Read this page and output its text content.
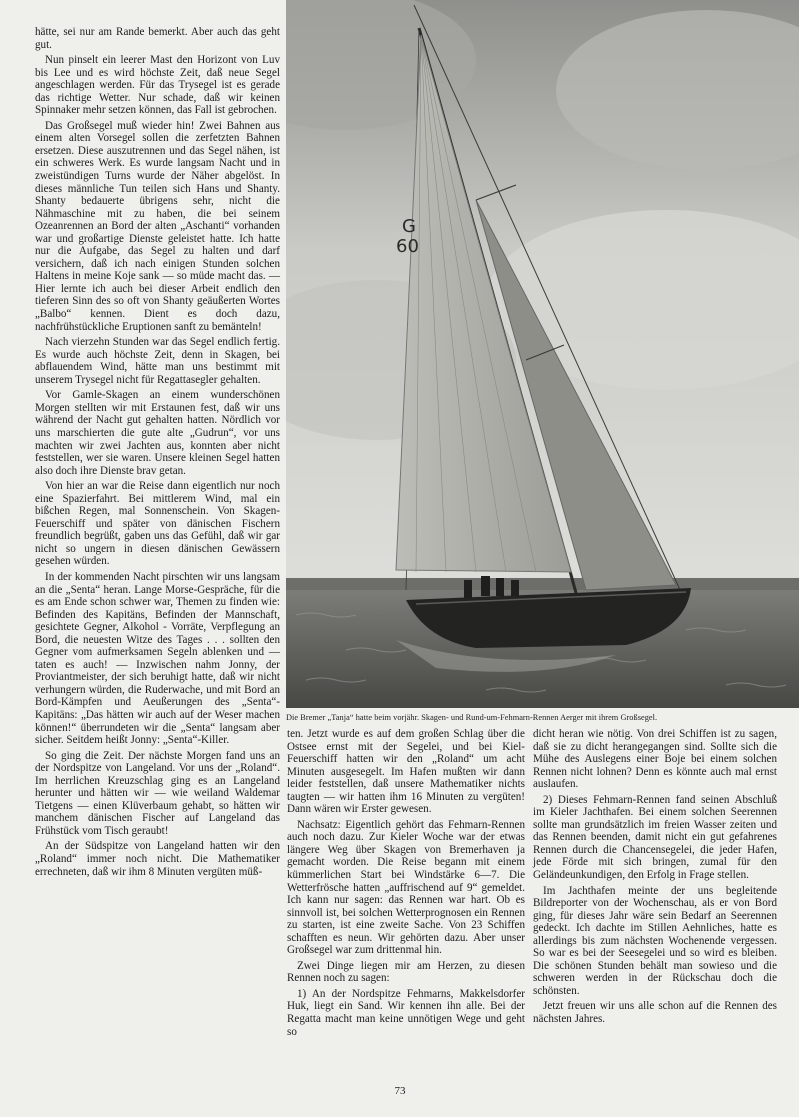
hätte, sei nur am Rande bemerkt. Aber auch das geht gut.

Nun pinselt ein leerer Mast den Horizont von Luv bis Lee und es wird höchste Zeit, daß neue Segel angeschlagen werden. Für das Trysegel ist es gerade das richtige Wetter. Nur schade, daß wir keinen Spinnaker mehr setzen können, das Fall ist gebrochen.

Das Großsegel muß wieder hin! Zwei Bahnen aus einem alten Vorsegel sollen die zerfetzten Bahnen ersetzen. Diese auszutrennen und das Segel nähen, ist ein schweres Werk. Es wurde langsam Nacht und in zweistündigen Turns wurde der Näher abgelöst. In dieses männliche Tun teilen sich Hans und Shanty. Shanty bedauerte übrigens sehr, nicht die Nähmaschine mit zu haben, die bei seinem Ozeanrennen an Bord der alten „Aschanti“ vorhanden war und großartige Dienste geleistet hatte. Ich hatte nur die Aufgabe, das Segel zu halten und darf versichern, daß ich nach einigen Stunden solchen Haltens in meine Koje sank — so müde macht das. — Hier lernte ich auch bei dieser Arbeit endlich den tieferen Sinn des so oft von Shanty geäußerten Wortes „Balbo“ kennen. Dient es doch dazu, nachfrühstückliche Eruptionen sanft zu bemänteln!

Nach vierzehn Stunden war das Segel endlich fertig. Es wurde auch höchste Zeit, denn in Skagen, bei abflauendem Wind, hätte man uns bestimmt mit unserem Trysegel nicht für Regattasegler gehalten.

Vor Gamle-Skagen an einem wunderschönen Morgen stellten wir mit Erstaunen fest, daß wir uns während der Nacht gut gehalten hatten. Nördlich vor uns marschierten die gute alte „Gudrun“, vor uns machten wir zwei Jachten aus, konnten aber nicht feststellen, wer sie waren. Unsere kleinen Segel hatten also doch ihre Dienste brav getan.

Von hier an war die Reise dann eigentlich nur noch eine Spazierfahrt. Bei mittlerem Wind, mal ein bißchen Regen, mal Sonnenschein. Von Skagen-Feuerschiff und später von dänischen Fischern freundlich begrüßt, gaben uns das Gefühl, daß wir gar nicht so ungern in diesen dänischen Gewässern gesehen würden.

In der kommenden Nacht pirschten wir uns langsam an die „Senta“ heran. Lange Morse-Gespräche, für die es am Ende schon schwer war, Themen zu finden wie: Befinden des Kapitäns, Befinden der Mannschaft, gesichtete Gegner, Alkohol - Vorräte, Verpflegung an Bord, die neuesten Witze des Tages . . . sollten den Gegner vom aufmerksamen Segeln ablenken und — taten es auch! — Inzwischen nahm Jonny, der Proviantmeister, der sich beruhigt hatte, daß wir nicht verhungern würden, die Ruderwache, und mit Bord an Bord-Kämpfen und Aeußerungen des „Senta“-Kapitäns: „Das hätten wir auch auf der Weser machen können!“ überrundeten wir die „Senta“ langsam aber sicher. Seitdem heißt Jonny: „Senta“-Killer.

So ging die Zeit. Der nächste Morgen fand uns an der Nordspitze von Langeland. Vor uns der „Roland“. Im herrlichen Kreuzschlag ging es an Langeland herunter und hätten wir — wie weiland Waldemar Tietgens — einen Klüverbaum gehabt, so hätten wir manchem dänischen Fischer auf Langeland das Frühstück vom Tisch geraubt!

An der Südspitze von Langeland hatten wir den „Roland“ immer noch nicht. Die Mathematiker errechneten, daß wir ihm 8 Minuten vergüten müß-

G
60
Die Bremer „Tanja“ hatte beim vorjähr. Skagen- und Rund-um-Fehmarn-Rennen Aerger mit ihrem Großsegel.

ten. Jetzt wurde es auf dem großen Schlag über die Ostsee ernst mit der Segelei, und bei Kiel-Feuerschiff hatten wir den „Roland“ um acht Minuten ausgesegelt. Im Hafen mußten wir dann leider feststellen, daß unsere Mathematiker nichts taugten — wir hatten ihm 16 Minuten zu vergüten! Dann wären wir Erster gewesen.

Nachsatz: Eigentlich gehört das Fehmarn-Rennen auch noch dazu. Zur Kieler Woche war der etwas längere Weg über Skagen von Bremerhaven ja gemacht worden. Die Reise begann mit einem kümmerlichen Start bei Windstärke 6—7. Die Wetterfrösche hatten „auffrischend auf 9“ gemeldet. Ich kann nur sagen: das Rennen war hart. Ob es sinnvoll ist, bei solchen Wetterprognosen ein Rennen zu starten, ist eine zweite Sache. Von 23 Schiffen schafften es neun. Wir gehörten dazu. Aber unser Großsegel war zum drittenmal hin.

Zwei Dinge liegen mir am Herzen, zu diesen Rennen noch zu sagen:

1) An der Nordspitze Fehmarns, Makkelsdorfer Huk, liegt ein Sand. Wir kennen ihn alle. Bei der Regatta macht man keine unnötigen Wege und geht so

dicht heran wie nötig. Von drei Schiffen ist zu sagen, daß sie zu dicht herangegangen sind. Sollte sich die Mühe des Auslegens einer Boje bei einem solchen Rennen nicht lohnen? Denn es könnte auch mal ernst auslaufen.

2) Dieses Fehmarn-Rennen fand seinen Abschluß im Kieler Jachthafen. Bei einem solchen Seerennen sollte man grundsätzlich im freien Wasser zeiten und das Rennen beenden, damit nicht ein gut gefahrenes Rennen durch die Chancensegelei, die jeder Hafen, jede Förde mit sich bringen, zumal für den Geländeunkundigen, den Erfolg in Frage stellen.

Im Jachthafen meinte der uns begleitende Bildreporter von der Wochenschau, als er von Bord ging, für dieses Jahr wäre sein Bedarf an Seerennen gedeckt. Ich dachte im Stillen Aehnliches, hatte es allerdings bis zum nächsten Wochenende vergessen. So war es bei der Seesegelei und so wird es bleiben. Die schönen Stunden behält man sowieso und die schweren werden in der Rückschau doch die schönsten.

Jetzt freuen wir uns alle schon auf die Rennen des nächsten Jahres.

73
